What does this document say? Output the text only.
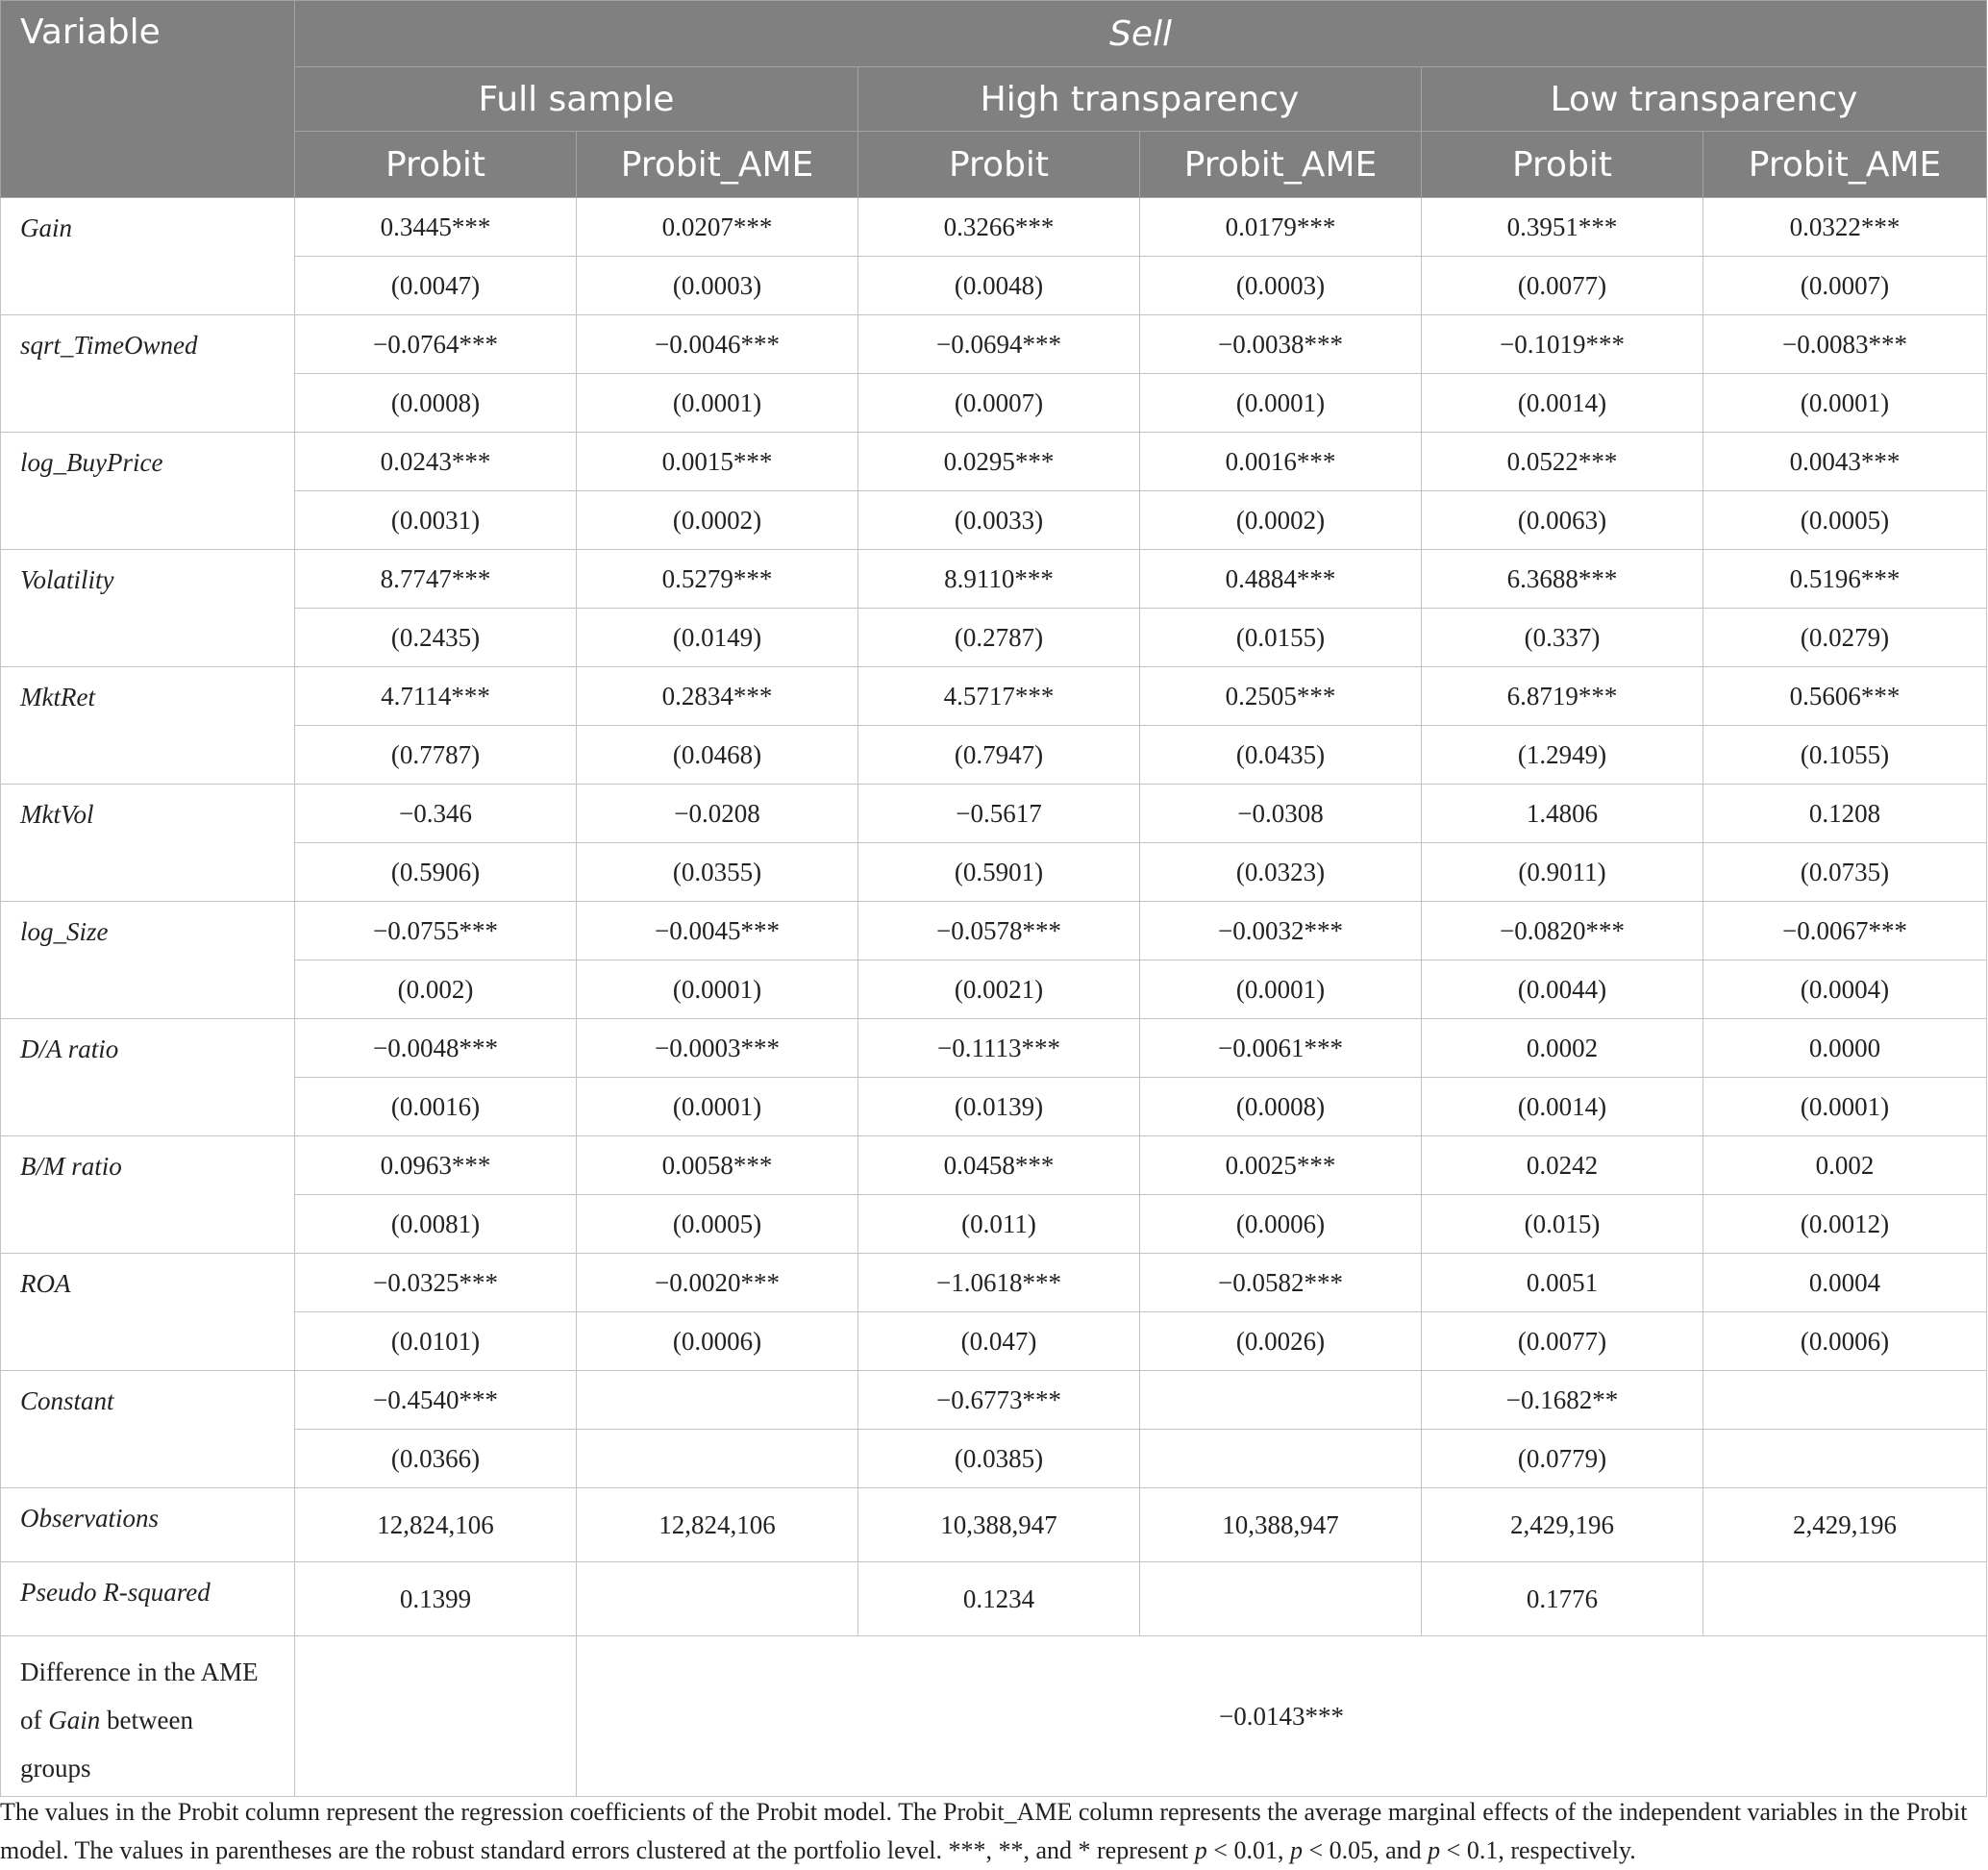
Variable	Sell					
	Full sample		High transparency		Low transparency	
	Probit	Probit_AME	Probit	Probit_AME	Probit	Probit_AME
Gain	0.3445***	0.0207***	0.3266***	0.0179***	0.3951***	0.0322***
	(0.0047)	(0.0003)	(0.0048)	(0.0003)	(0.0077)	(0.0007)
sqrt_TimeOwned	−0.0764***	−0.0046***	−0.0694***	−0.0038***	−0.1019***	−0.0083***
	(0.0008)	(0.0001)	(0.0007)	(0.0001)	(0.0014)	(0.0001)
log_BuyPrice	0.0243***	0.0015***	0.0295***	0.0016***	0.0522***	0.0043***
	(0.0031)	(0.0002)	(0.0033)	(0.0002)	(0.0063)	(0.0005)
Volatility	8.7747***	0.5279***	8.9110***	0.4884***	6.3688***	0.5196***
	(0.2435)	(0.0149)	(0.2787)	(0.0155)	(0.337)	(0.0279)
MktRet	4.7114***	0.2834***	4.5717***	0.2505***	6.8719***	0.5606***
	(0.7787)	(0.0468)	(0.7947)	(0.0435)	(1.2949)	(0.1055)
MktVol	−0.346	−0.0208	−0.5617	−0.0308	1.4806	0.1208
	(0.5906)	(0.0355)	(0.5901)	(0.0323)	(0.9011)	(0.0735)
log_Size	−0.0755***	−0.0045***	−0.0578***	−0.0032***	−0.0820***	−0.0067***
	(0.002)	(0.0001)	(0.0021)	(0.0001)	(0.0044)	(0.0004)
D/A ratio	−0.0048***	−0.0003***	−0.1113***	−0.0061***	0.0002	0.0000
	(0.0016)	(0.0001)	(0.0139)	(0.0008)	(0.0014)	(0.0001)
B/M ratio	0.0963***	0.0058***	0.0458***	0.0025***	0.0242	0.002
	(0.0081)	(0.0005)	(0.011)	(0.0006)	(0.015)	(0.0012)
ROA	−0.0325***	−0.0020***	−1.0618***	−0.0582***	0.0051	0.0004
	(0.0101)	(0.0006)	(0.047)	(0.0026)	(0.0077)	(0.0006)
Constant	−0.4540***		−0.6773***		−0.1682**	
	(0.0366)		(0.0385)		(0.0779)	
Observations	12,824,106	12,824,106	10,388,947	10,388,947	2,429,196	2,429,196
Pseudo R-squared	0.1399		0.1234		0.1776	
Difference in the AME
of Gain between
groups		−0.0143***				
The values in the Probit column represent the regression coefficients of the Probit model. The Probit_AME column represents the average marginal effects of the independent variables in the Probit model. The values in parentheses are the robust standard errors clustered at the portfolio level. ***, **, and * represent p < 0.01, p < 0.05, and p < 0.1, respectively.
